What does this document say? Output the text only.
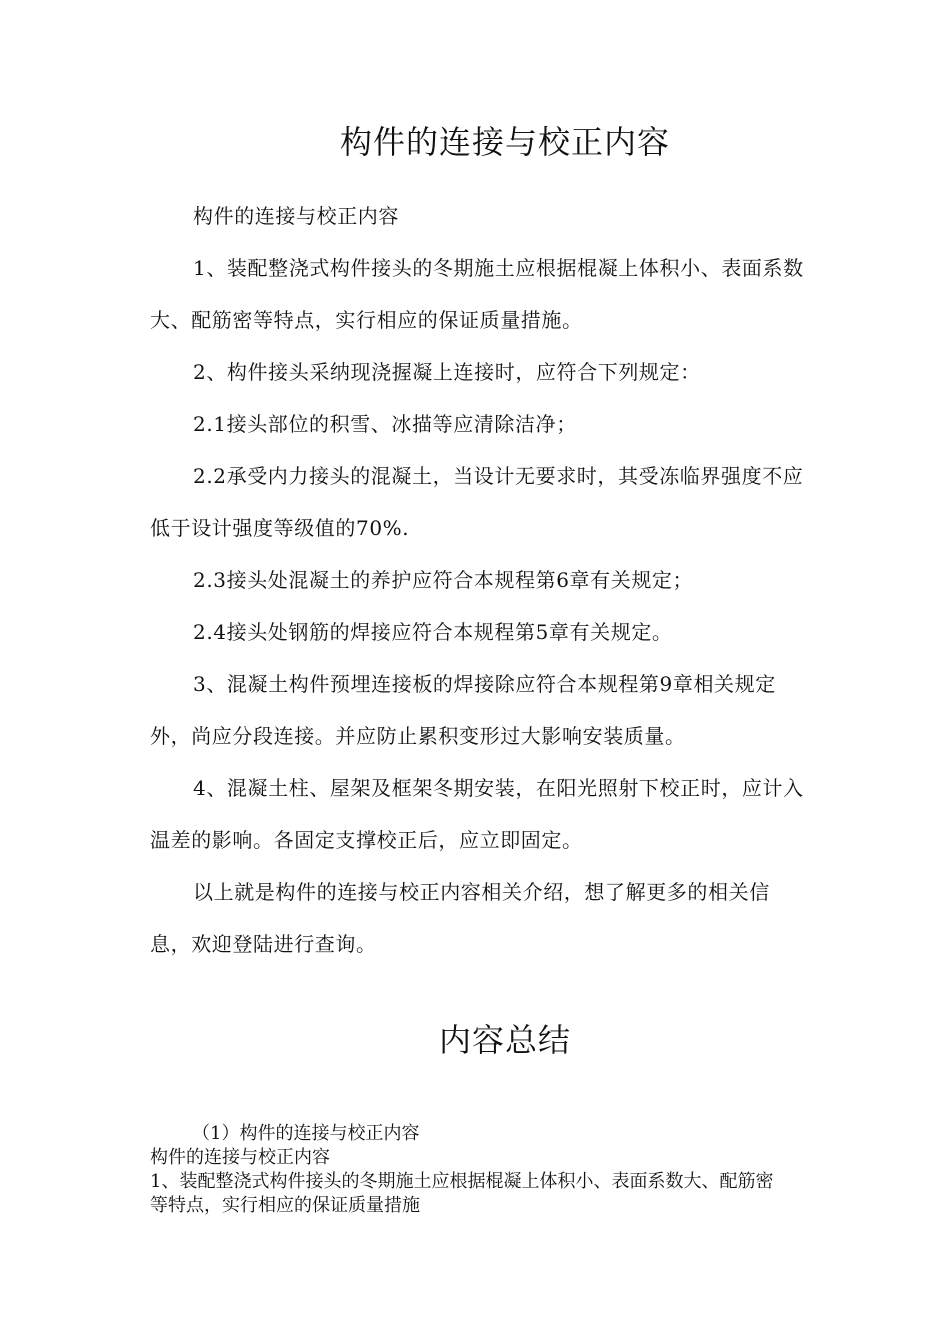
构件的连接与校正内容

构件的连接与校正内容

1、装配整浇式构件接头的冬期施土应根据棍凝上体积小、表面系数大、配筋密等特点，实行相应的保证质量措施。

2、构件接头采纳现浇握凝上连接时，应符合下列规定：

2.1接头部位的积雪、冰描等应清除洁净；

2.2承受内力接头的混凝土，当设计无要求时，其受冻临界强度不应低于设计强度等级值的70%.

2.3接头处混凝土的养护应符合本规程第6章有关规定；

2.4接头处钢筋的焊接应符合本规程第5章有关规定。

3、混凝土构件预埋连接板的焊接除应符合本规程第9章相关规定外，尚应分段连接。并应防止累积变形过大影响安装质量。

4、混凝土柱、屋架及框架冬期安装，在阳光照射下校正时，应计入温差的影响。各固定支撑校正后，应立即固定。

以上就是构件的连接与校正内容相关介绍，想了解更多的相关信息，欢迎登陆进行查询。

内容总结

（1）构件的连接与校正内容

构件的连接与校正内容

1、装配整浇式构件接头的冬期施土应根据棍凝上体积小、表面系数大、配筋密等特点，实行相应的保证质量措施
